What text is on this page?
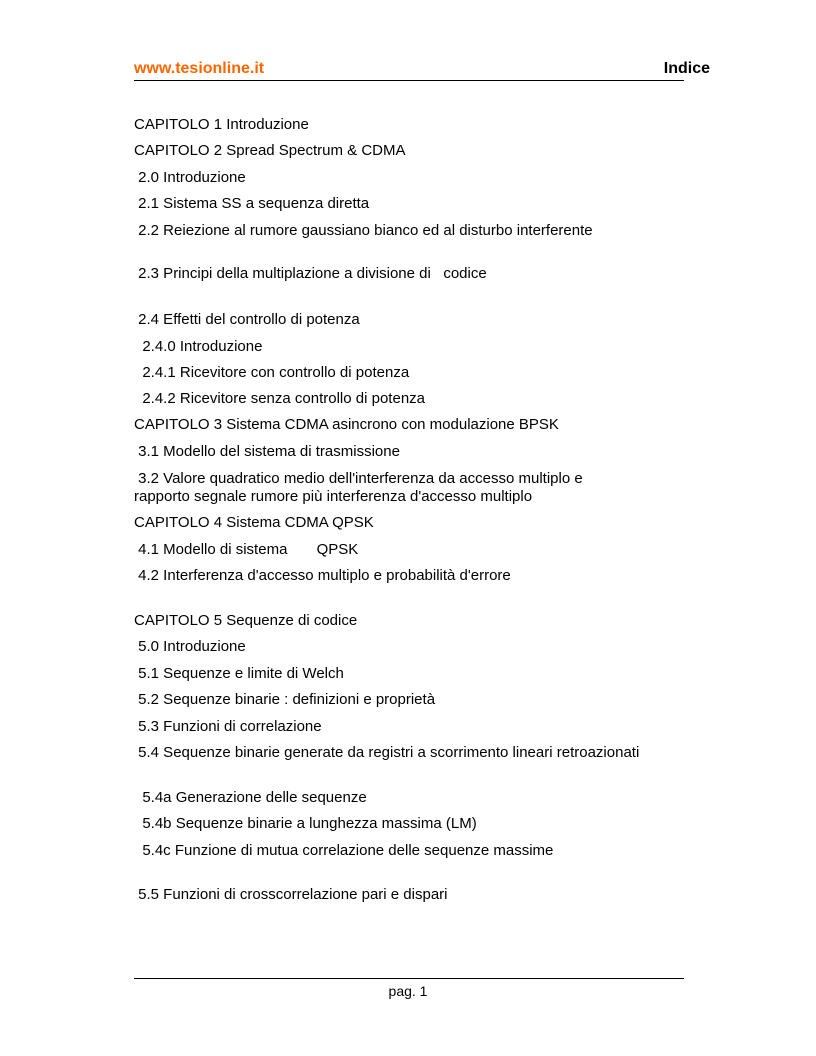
www.tesionline.it	Indice
CAPITOLO 1 Introduzione
CAPITOLO 2 Spread Spectrum & CDMA
2.0 Introduzione
2.1 Sistema SS a sequenza diretta
2.2 Reiezione al rumore gaussiano bianco ed al disturbo interferente
2.3 Principi della multiplazione a divisione di   codice
2.4 Effetti del controllo di potenza
2.4.0 Introduzione
2.4.1 Ricevitore con controllo di potenza
2.4.2 Ricevitore senza controllo di potenza
CAPITOLO 3 Sistema CDMA asincrono con modulazione BPSK
3.1 Modello del sistema di trasmissione
3.2 Valore quadratico medio dell'interferenza da accesso multiplo e
rapporto segnale rumore più interferenza d'accesso multiplo
CAPITOLO 4 Sistema CDMA QPSK
4.1 Modello di sistema       QPSK
4.2 Interferenza d'accesso multiplo e probabilità d'errore
CAPITOLO 5 Sequenze di codice
5.0 Introduzione
5.1 Sequenze e limite di Welch
5.2 Sequenze binarie : definizioni e proprietà
5.3 Funzioni di correlazione
5.4 Sequenze binarie generate da registri a scorrimento lineari retroazionati
5.4a Generazione delle sequenze
5.4b Sequenze binarie a lunghezza massima (LM)
5.4c Funzione di mutua correlazione delle sequenze massime
5.5 Funzioni di crosscorrelazione pari e dispari
pag. 1
